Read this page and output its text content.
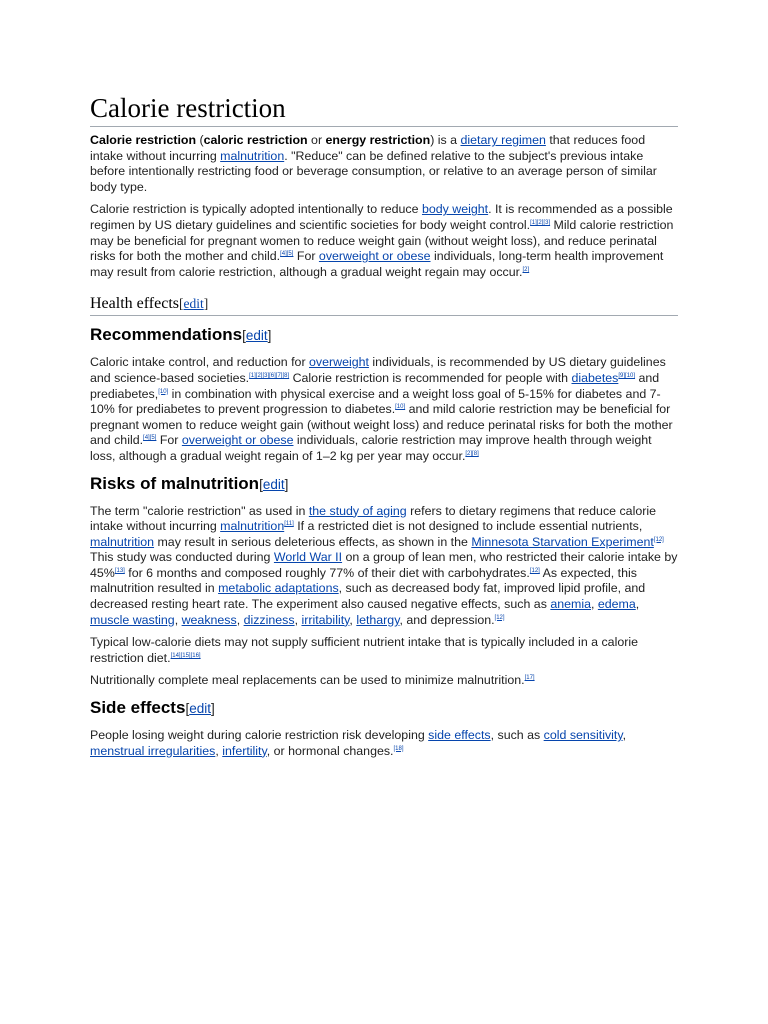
Calorie restriction

Calorie restriction (caloric restriction or energy restriction) is a dietary regimen that reduces food intake without incurring malnutrition. "Reduce" can be defined relative to the subject's previous intake before intentionally restricting food or beverage consumption, or relative to an average person of similar body type.

Calorie restriction is typically adopted intentionally to reduce body weight. It is recommended as a possible regimen by US dietary guidelines and scientific societies for body weight control.[1][2][3] Mild calorie restriction may be beneficial for pregnant women to reduce weight gain (without weight loss), and reduce perinatal risks for both the mother and child.[4][5] For overweight or obese individuals, long-term health improvement may result from calorie restriction, although a gradual weight regain may occur.[2]

Health effects[edit]
Recommendations[edit]

Caloric intake control, and reduction for overweight individuals, is recommended by US dietary guidelines and science-based societies.[1][2][3][6][7][8] Calorie restriction is recommended for people with diabetes[9][10] and prediabetes,[10] in combination with physical exercise and a weight loss goal of 5-15% for diabetes and 7-10% for prediabetes to prevent progression to diabetes.[10] and mild calorie restriction may be beneficial for pregnant women to reduce weight gain (without weight loss) and reduce perinatal risks for both the mother and child.[4][5] For overweight or obese individuals, calorie restriction may improve health through weight loss, although a gradual weight regain of 1–2 kg per year may occur.[2][8]

Risks of malnutrition[edit]

The term "calorie restriction" as used in the study of aging refers to dietary regimens that reduce calorie intake without incurring malnutrition[11] If a restricted diet is not designed to include essential nutrients, malnutrition may result in serious deleterious effects, as shown in the Minnesota Starvation Experiment[12] This study was conducted during World War II on a group of lean men, who restricted their calorie intake by 45%[13] for 6 months and composed roughly 77% of their diet with carbohydrates.[12] As expected, this malnutrition resulted in metabolic adaptations, such as decreased body fat, improved lipid profile, and decreased resting heart rate. The experiment also caused negative effects, such as anemia, edema, muscle wasting, weakness, dizziness, irritability, lethargy, and depression.[12]

Typical low-calorie diets may not supply sufficient nutrient intake that is typically included in a calorie restriction diet.[14][15][16]

Nutritionally complete meal replacements can be used to minimize malnutrition.[17]

Side effects[edit]

People losing weight during calorie restriction risk developing side effects, such as cold sensitivity, menstrual irregularities, infertility, or hormonal changes.[18]
